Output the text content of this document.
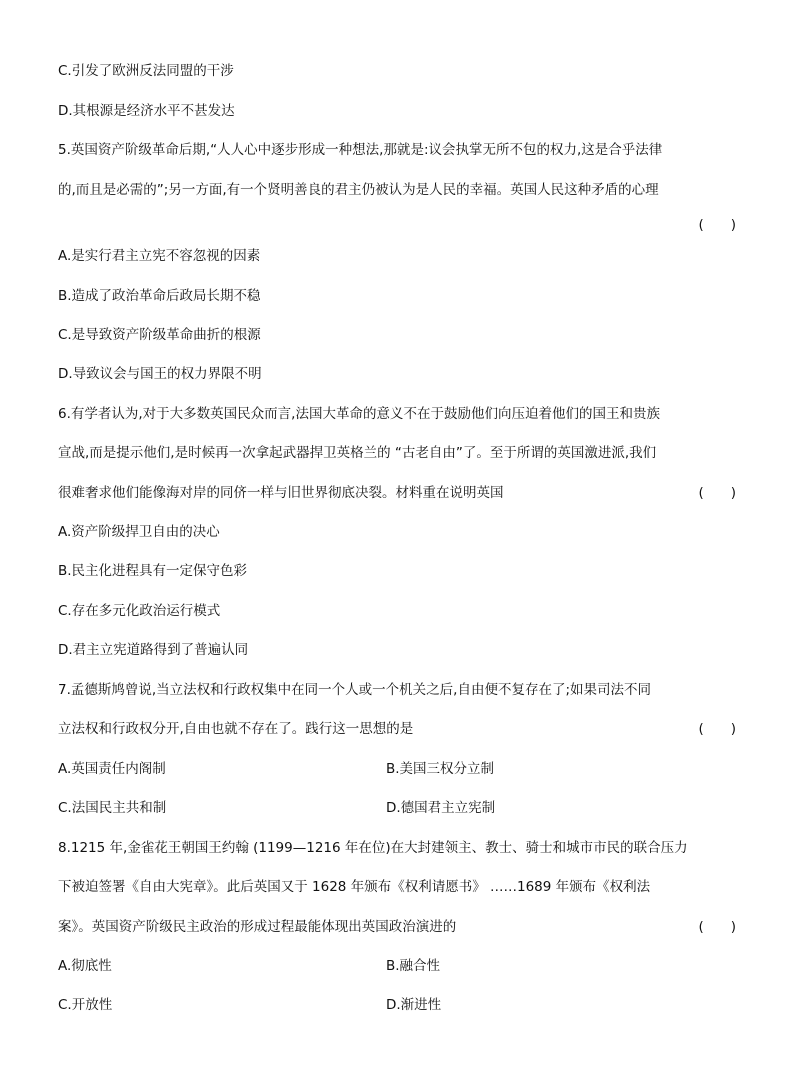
C.引发了欧洲反法同盟的干涉
D.其根源是经济水平不甚发达
5.英国资产阶级革命后期,“人人心中逐步形成一种想法,那就是:议会执掌无所不包的权力,这是合乎法律
的,而且是必需的”;另一方面,有一个贤明善良的君主仍被认为是人民的幸福。英国人民这种矛盾的心理
(　　)
A.是实行君主立宪不容忽视的因素
B.造成了政治革命后政局长期不稳
C.是导致资产阶级革命曲折的根源
D.导致议会与国王的权力界限不明
6.有学者认为,对于大多数英国民众而言,法国大革命的意义不在于鼓励他们向压迫着他们的国王和贵族
宣战,而是提示他们,是时候再一次拿起武器捍卫英格兰的 “古老自由”了。至于所谓的英国激进派,我们
很难奢求他们能像海对岸的同侪一样与旧世界彻底决裂。材料重在说明英国	(　　)
A.资产阶级捍卫自由的决心
B.民主化进程具有一定保守色彩
C.存在多元化政治运行模式
D.君主立宪道路得到了普遍认同
7.孟德斯鸠曾说,当立法权和行政权集中在同一个人或一个机关之后,自由便不复存在了;如果司法不同
立法权和行政权分开,自由也就不存在了。践行这一思想的是	(　　)
A.英国责任内阁制	B.美国三权分立制
C.法国民主共和制	D.德国君主立宪制
8.1215 年,金雀花王朝国王约翰 (1199—1216 年在位)在大封建领主、教士、骑士和城市市民的联合压力
下被迫签署《自由大宪章》。此后英国又于 1628 年颁布《权利请愿书》 ……1689 年颁布《权利法
案》。英国资产阶级民主政治的形成过程最能体现出英国政治演进的	(　　)
A.彻底性	B.融合性
C.开放性	D.渐进性
